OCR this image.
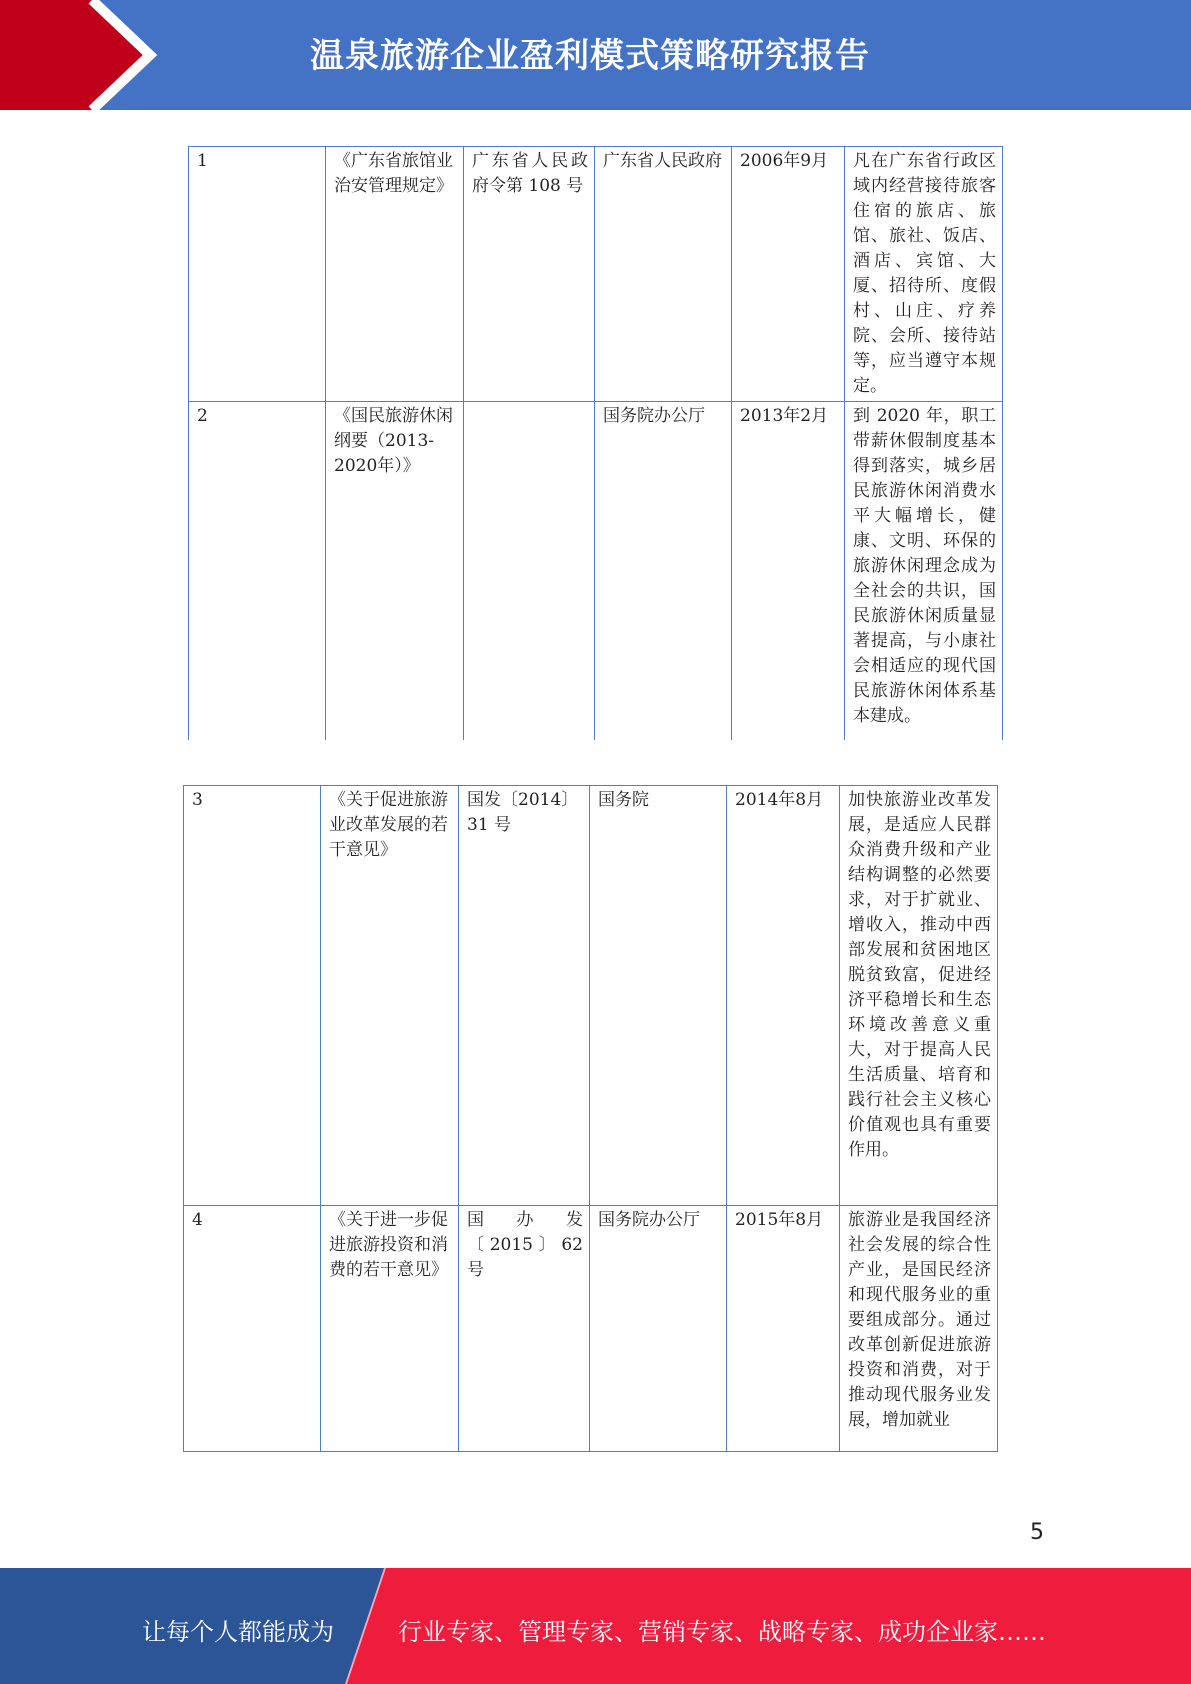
温泉旅游企业盈利模式策略研究报告
1	《广东省旅馆业治安管理规定》	广东省人民政府令第 108 号	广东省人民政府	2006年9月	凡在广东省行政区域内经营接待旅客住宿的旅店、旅馆、旅社、饭店、酒店、宾馆、大厦、招待所、度假村、山庄、疗养院、会所、接待站等，应当遵守本规定。
2	《国民旅游休闲纲要（2013-2020年）》		国务院办公厅	2013年2月	到 2020 年，职工带薪休假制度基本得到落实，城乡居民旅游休闲消费水平大幅增长，健康、文明、环保的旅游休闲理念成为全社会的共识，国民旅游休闲质量显著提高，与小康社会相适应的现代国民旅游休闲体系基本建成。

3	《关于促进旅游业改革发展的若干意见》	国发〔2014〕31 号	国务院	2014年8月	加快旅游业改革发展，是适应人民群众消费升级和产业结构调整的必然要求，对于扩就业、增收入，推动中西部发展和贫困地区脱贫致富，促进经济平稳增长和生态环境改善意义重大，对于提高人民生活质量、培育和践行社会主义核心价值观也具有重要作用。
4	《关于进一步促进旅游投资和消费的若干意见》	国 办 发〔2015〕62 号	国务院办公厅	2015年8月	旅游业是我国经济社会发展的综合性产业，是国民经济和现代服务业的重要组成部分。通过改革创新促进旅游投资和消费，对于推动现代服务业发展，增加就业
5
让每个人都能成为	行业专家、管理专家、营销专家、战略专家、成功企业家……
